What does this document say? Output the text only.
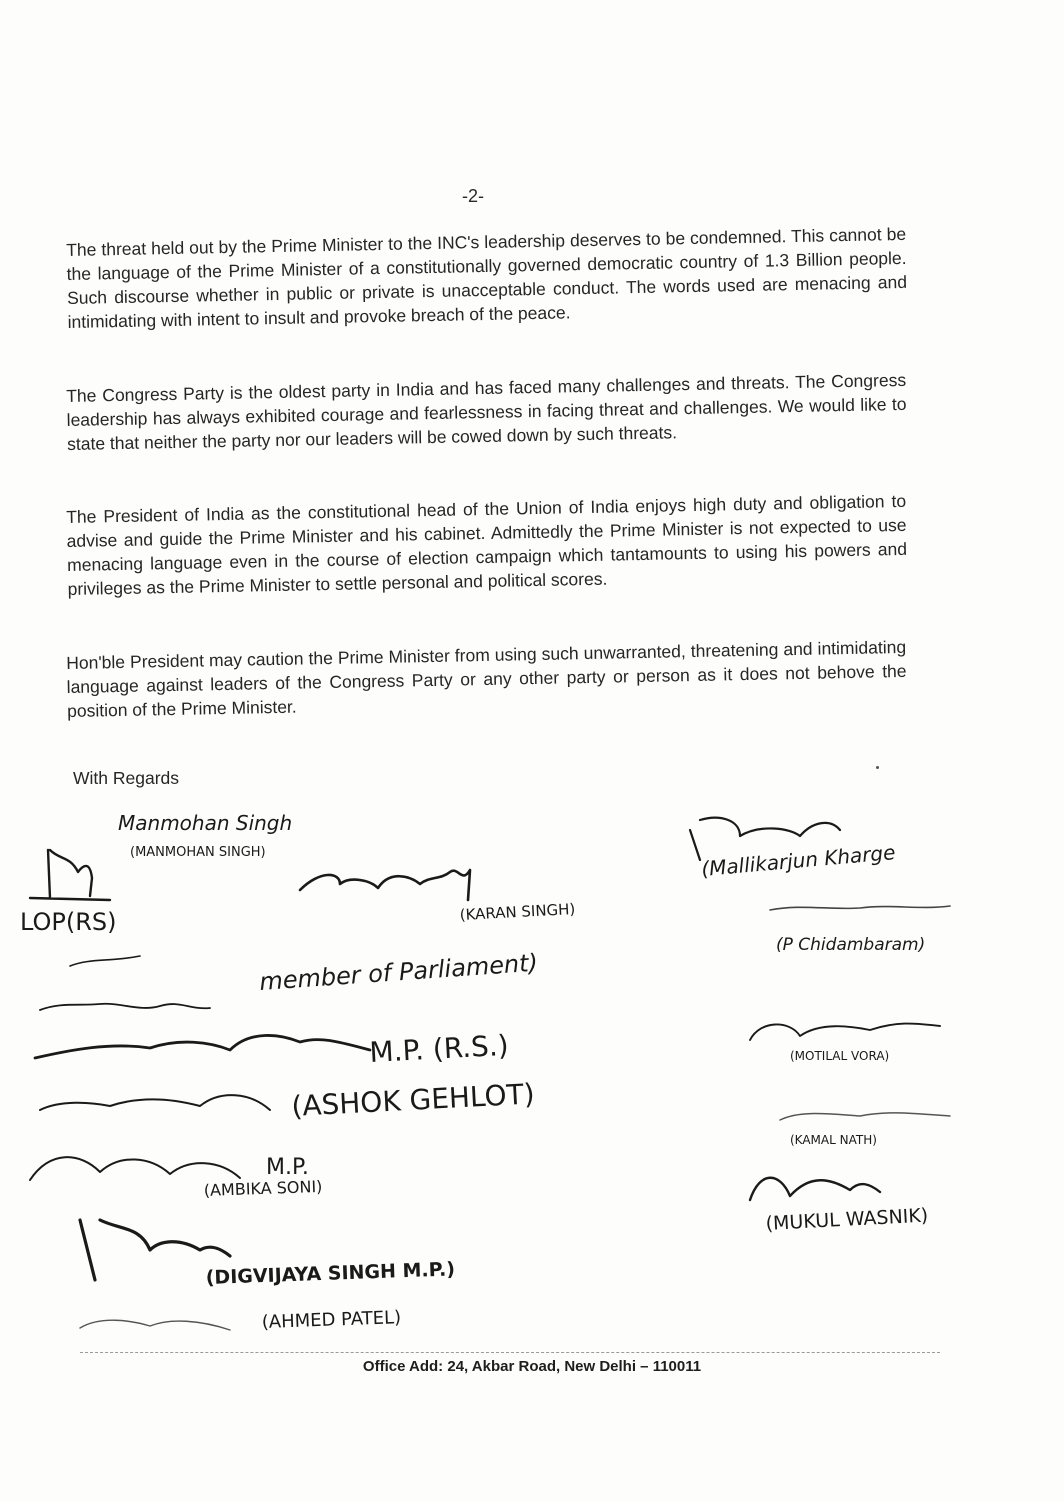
-2-
The threat held out by the Prime Minister to the INC's leadership deserves to be condemned. This cannot be the language of the Prime Minister of a constitutionally governed democratic country of 1.3 Billion people. Such discourse whether in public or private is unacceptable conduct. The words used are menacing and intimidating with intent to insult and provoke breach of the peace.
The Congress Party is the oldest party in India and has faced many challenges and threats. The Congress leadership has always exhibited courage and fearlessness in facing threat and challenges. We would like to state that neither the party nor our leaders will be cowed down by such threats.
The President of India as the constitutional head of the Union of India enjoys high duty and obligation to advise and guide the Prime Minister and his cabinet. Admittedly the Prime Minister is not expected to use menacing language even in the course of election campaign which tantamounts to using his powers and privileges as the Prime Minister to settle personal and political scores.
Hon'ble President may caution the Prime Minister from using such unwarranted, threatening and intimidating language against leaders of the Congress Party or any other party or person as it does not behove the position of the Prime Minister.
With Regards
Manmohan Singh
(MANMOHAN SINGH)
LOP(RS)	(KARAN SINGH)
member of Parliament)
M.P. (R.S.)
(ASHOK GEHLOT)
M.P.
(AMBIKA SONI)
(DIGVIJAYA SINGH M.P.)
(AHMED PATEL)
(Mallikarjun Kharge
(P Chidambaram)
(MOTILAL VORA)
(KAMAL NATH)
(MUKUL WASNIK)
Office Add: 24, Akbar Road, New Delhi – 110011
